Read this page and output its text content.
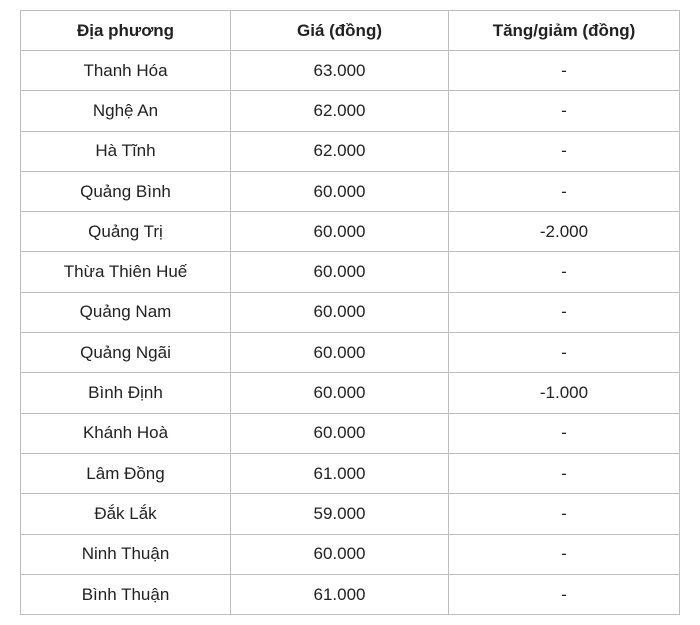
Địa phương	Giá (đồng)	Tăng/giảm (đồng)
Thanh Hóa	63.000	-
Nghệ An	62.000	-
Hà Tĩnh	62.000	-
Quảng Bình	60.000	-
Quảng Trị	60.000	-2.000
Thừa Thiên Huế	60.000	-
Quảng Nam	60.000	-
Quảng Ngãi	60.000	-
Bình Định	60.000	-1.000
Khánh Hoà	60.000	-
Lâm Đồng	61.000	-
Đắk Lắk	59.000	-
Ninh Thuận	60.000	-
Bình Thuận	61.000	-
